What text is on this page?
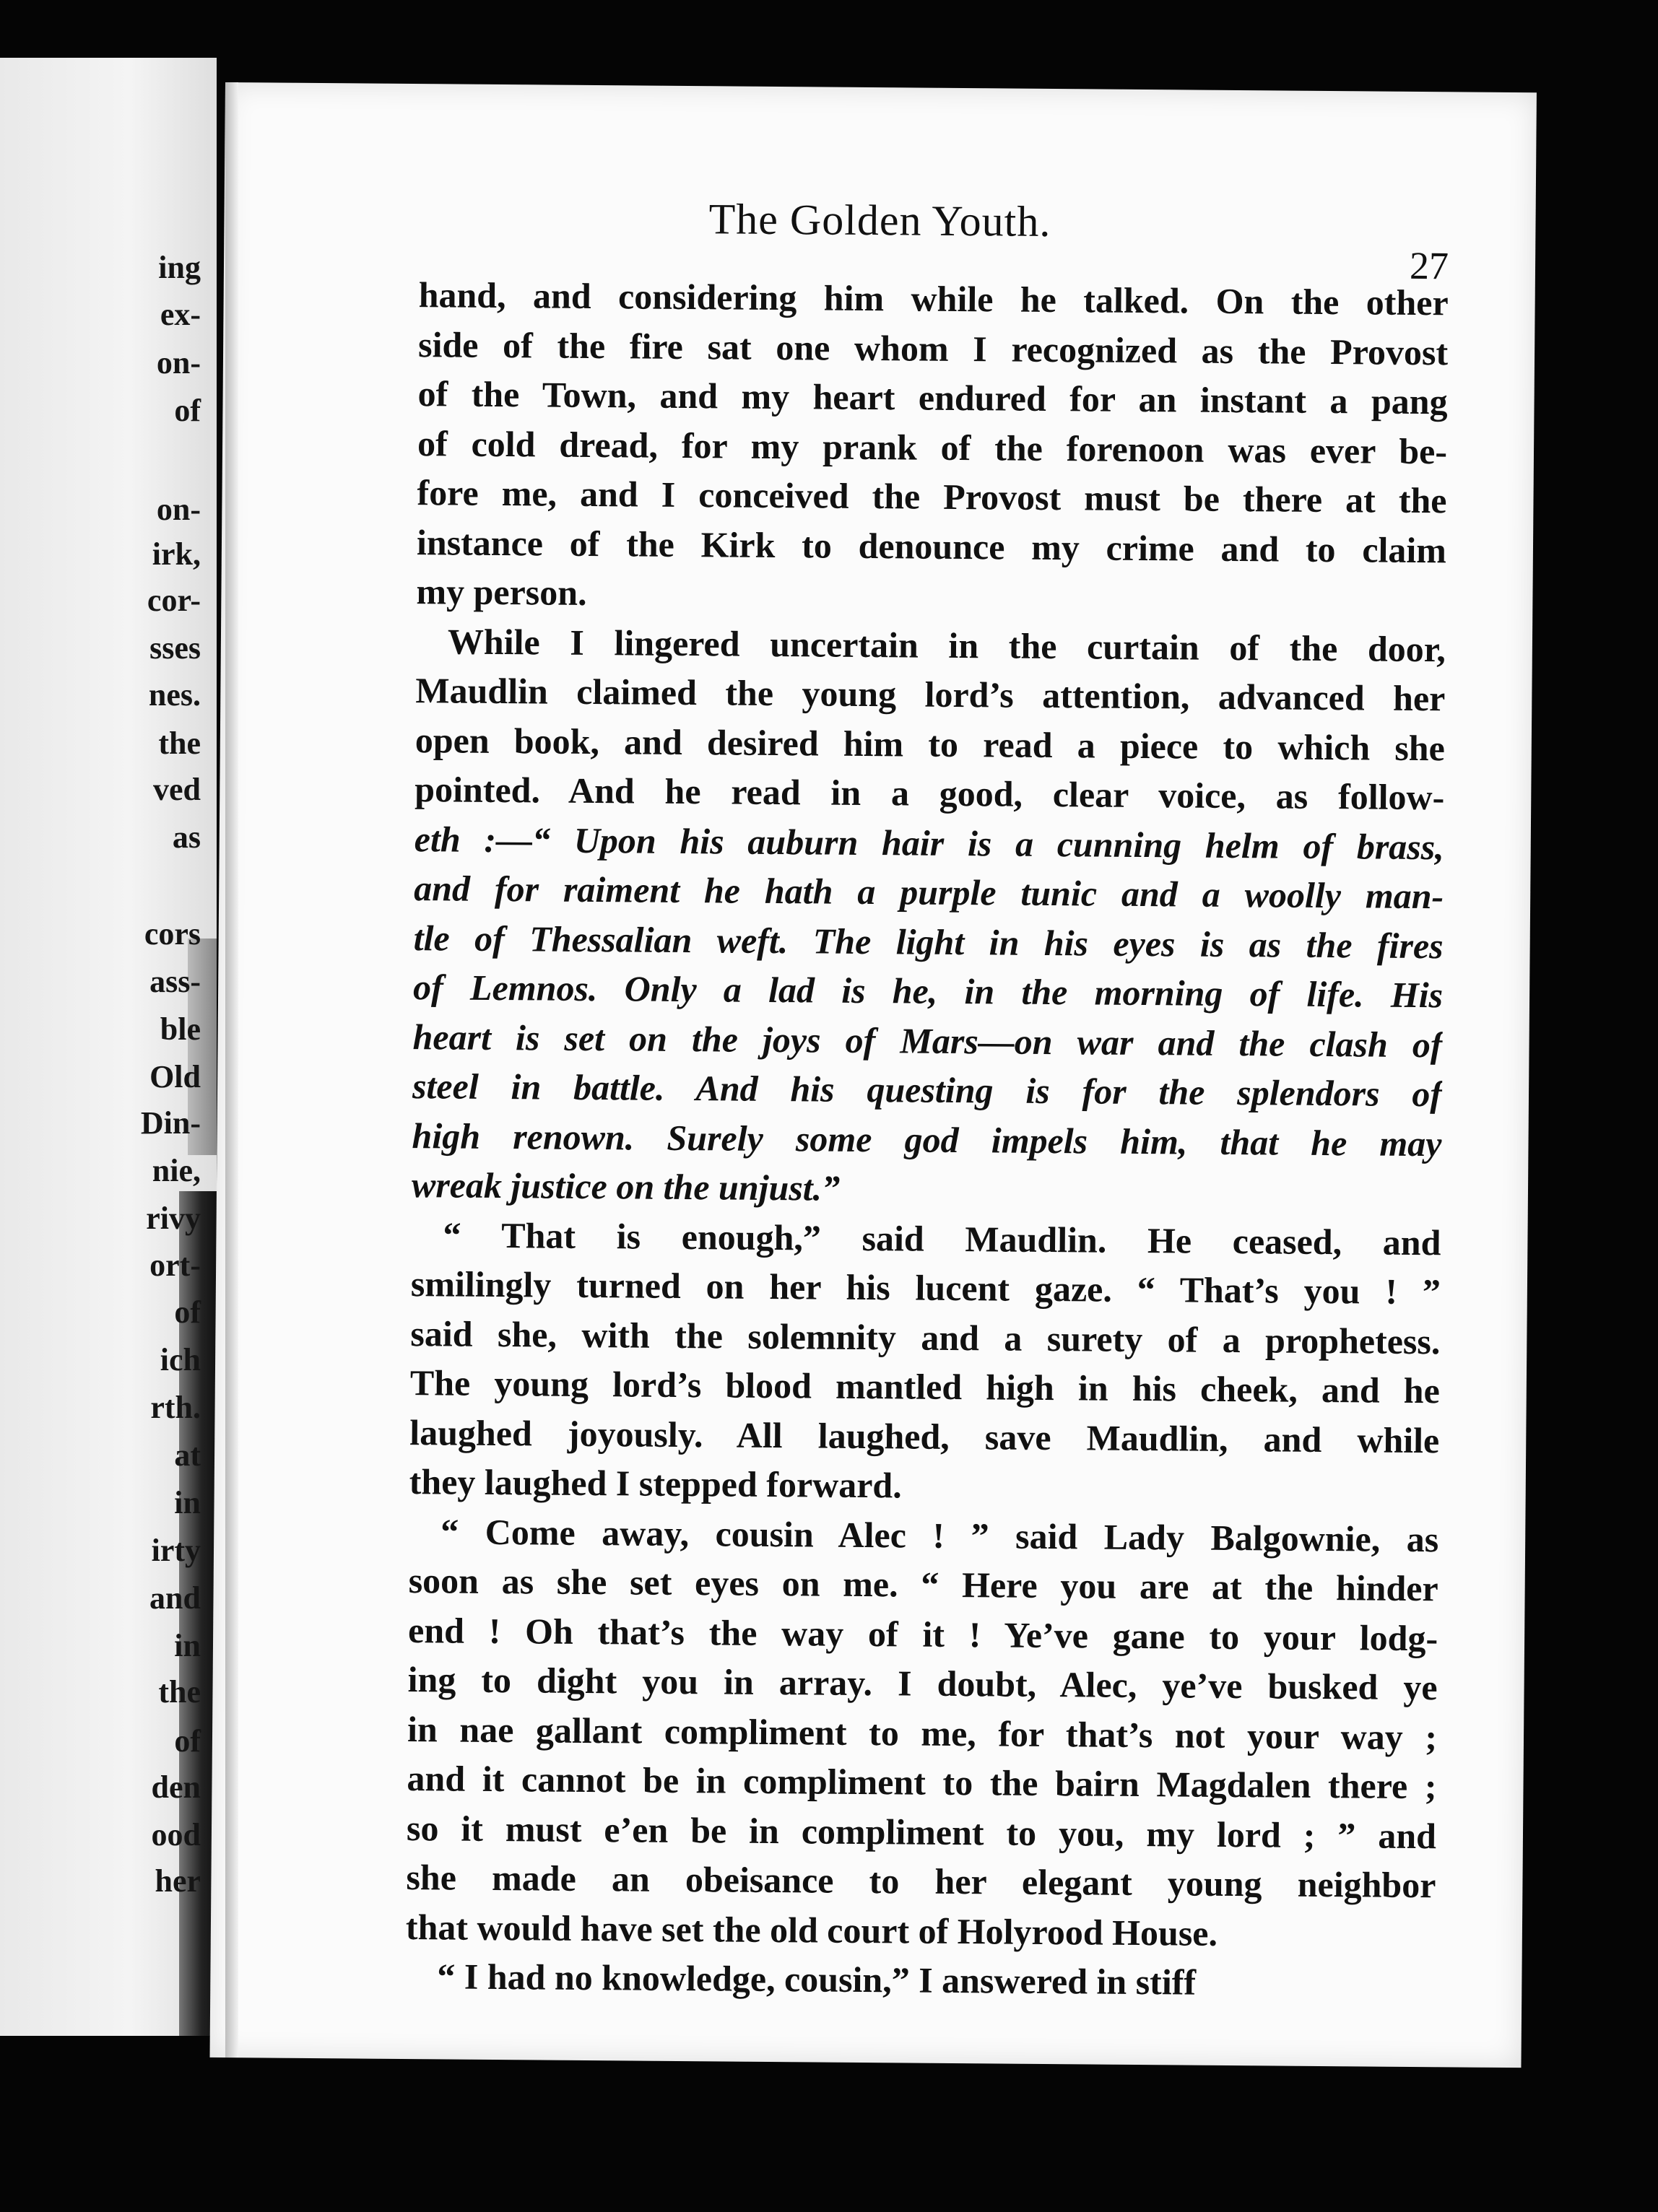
ing
ex-
on-
of
on-
irk,
cor-
sses
nes.
the
ved
as
cors
ass-
ble
Old
Din-
nie,
rivy
ort-
of
ich
rth.
at
in
irty
and
in
the
of
den
ood
her
The Golden Youth.
27
hand, and considering him while he talked. On the other
side of the fire sat one whom I recognized as the Provost
of the Town, and my heart endured for an instant a pang
of cold dread, for my prank of the forenoon was ever be-
fore me, and I conceived the Provost must be there at the
instance of the Kirk to denounce my crime and to claim
my person.
While I lingered uncertain in the curtain of the door,
Maudlin claimed the young lord’s attention, advanced her
open book, and desired him to read a piece to which she
pointed. And he read in a good, clear voice, as follow-
eth :—“ Upon his auburn hair is a cunning helm of brass,
and for raiment he hath a purple tunic and a woolly man-
tle of Thessalian weft. The light in his eyes is as the fires
of Lemnos. Only a lad is he, in the morning of life. His
heart is set on the joys of Mars—on war and the clash of
steel in battle. And his questing is for the splendors of
high renown. Surely some god impels him, that he may
wreak justice on the unjust.”
“ That is enough,” said Maudlin. He ceased, and
smilingly turned on her his lucent gaze. “ That’s you ! ”
said she, with the solemnity and a surety of a prophetess.
The young lord’s blood mantled high in his cheek, and he
laughed joyously. All laughed, save Maudlin, and while
they laughed I stepped forward.
“ Come away, cousin Alec ! ” said Lady Balgownie, as
soon as she set eyes on me. “ Here you are at the hinder
end ! Oh that’s the way of it ! Ye’ve gane to your lodg-
ing to dight you in array. I doubt, Alec, ye’ve busked ye
in nae gallant compliment to me, for that’s not your way ;
and it cannot be in compliment to the bairn Magdalen there ;
so it must e’en be in compliment to you, my lord ; ” and
she made an obeisance to her elegant young neighbor
that would have set the old court of Holyrood House.
“ I had no knowledge, cousin,” I answered in stiff
